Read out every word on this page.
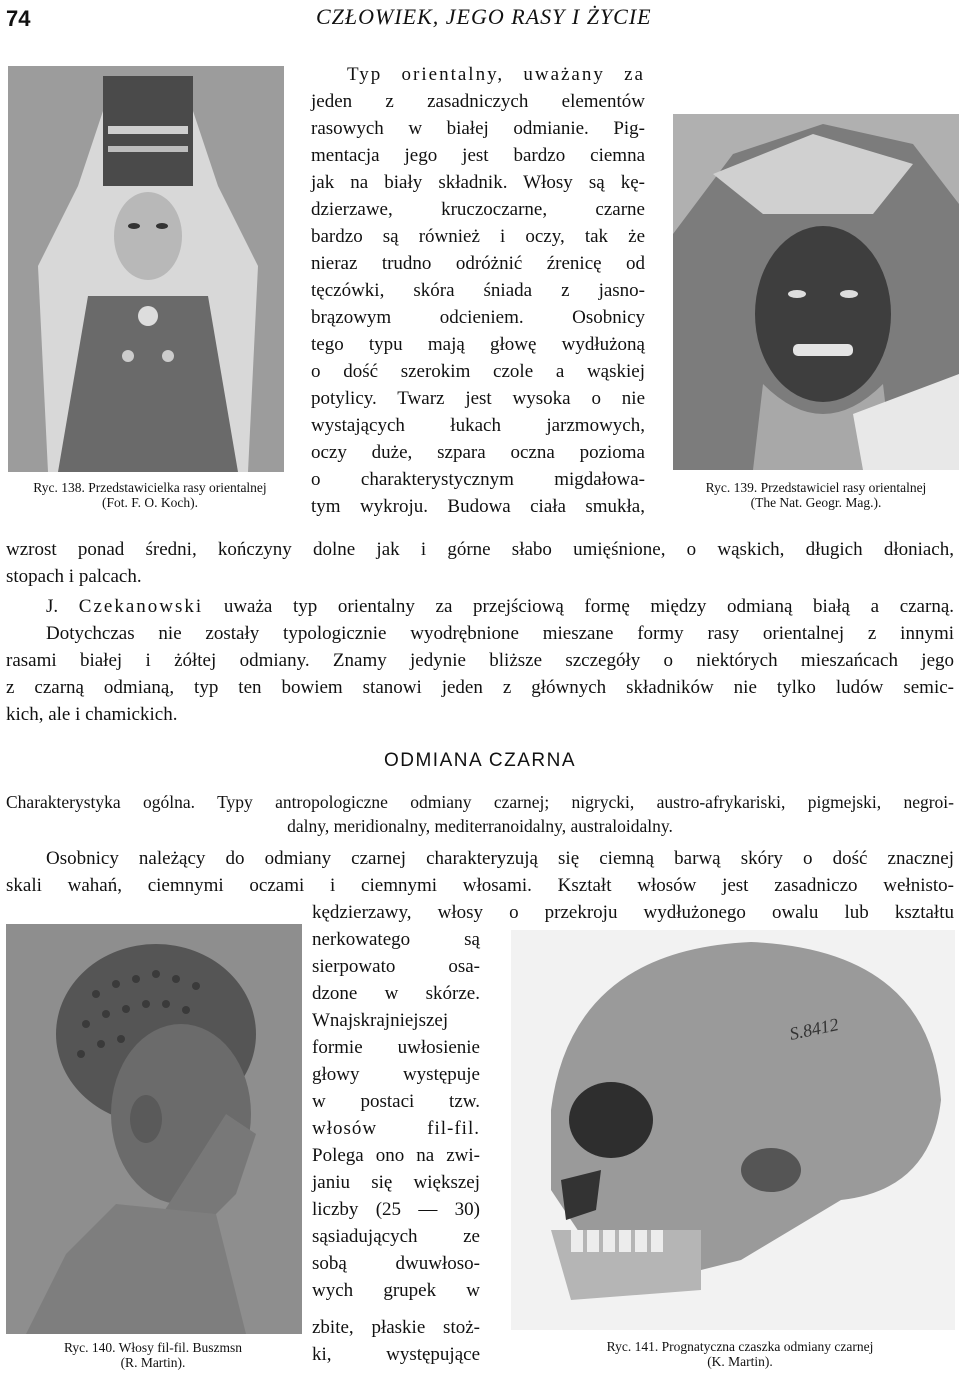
74	CZŁOWIEK, JEGO RASY I ŻYCIE
Ryc. 138. Przedstawicielka rasy orientalnej
(Fot. F. O. Koch).
Ryc. 139. Przedstawiciel rasy orientalnej
(The Nat. Geogr. Mag.).
Typ orientalny, uważany za
jeden z zasadniczych elementów
rasowych w białej odmianie. Pig-
mentacja jego jest bardzo ciemna
jak na biały składnik. Włosy są kę-
dzierzawe, kruczoczarne, czarne
bardzo są również i oczy, tak że
nieraz trudno odróżnić źrenicę od
tęczówki, skóra śniada z jasno-
brązowym odcieniem. Osobnicy
tego typu mają głowę wydłużoną
o dość szerokim czole a wąskiej
potylicy. Twarz jest wysoka o nie
wystających łukach jarzmowych,
oczy duże, szpara oczna pozioma
o charakterystycznym migdałowa-
tym wykroju. Budowa ciała smukła,
wzrost ponad średni, kończyny dolne jak i górne słabo umięśnione, o wąskich, długich dłoniach,
stopach i palcach.
J. Czekanowski uważa typ orientalny za przejściową formę między odmianą białą a czarną.
Dotychczas nie zostały typologicznie wyodrębnione mieszane formy rasy orientalnej z innymi
rasami białej i żółtej odmiany. Znamy jedynie bliższe szczegóły o niektórych mieszańcach jego
z czarną odmianą, typ ten bowiem stanowi jeden z głównych składników nie tylko ludów semic-
kich, ale i chamickich.
ODMIANA CZARNA
Charakterystyka ogólna. Typy antropologiczne odmiany czarnej; nigrycki, austro-afrykariski, pigmejski, negroi-
dalny, meridionalny, mediterranoidalny, australoidalny.
Osobnicy należący do odmiany czarnej charakteryzują się ciemną barwą skóry o dość znacznej
skali wahań, ciemnymi oczami i ciemnymi włosami. Kształt włosów jest zasadniczo wełnisto-
kędzierzawy, włosy o przekroju wydłużonego owalu lub kształtu
nerkowatego są
sierpowato osa-
dzone w skórze.
Wnajskrajniejszej
formie uwłosienie
głowy występuje
w postaci tzw.
włosów fil-fil.
Polega ono na zwi-
janiu się większej
liczby (25 — 30)
sąsiadujących ze
sobą dwuwłoso-
wych grupek w
zbite, płaskie stoż-
ki, występujące
Ryc. 140. Włosy fil-fil. Buszmsn
(R. Martin).
S.8412
Ryc. 141. Prognatyczna czaszka odmiany czarnej
(K. Martin).
